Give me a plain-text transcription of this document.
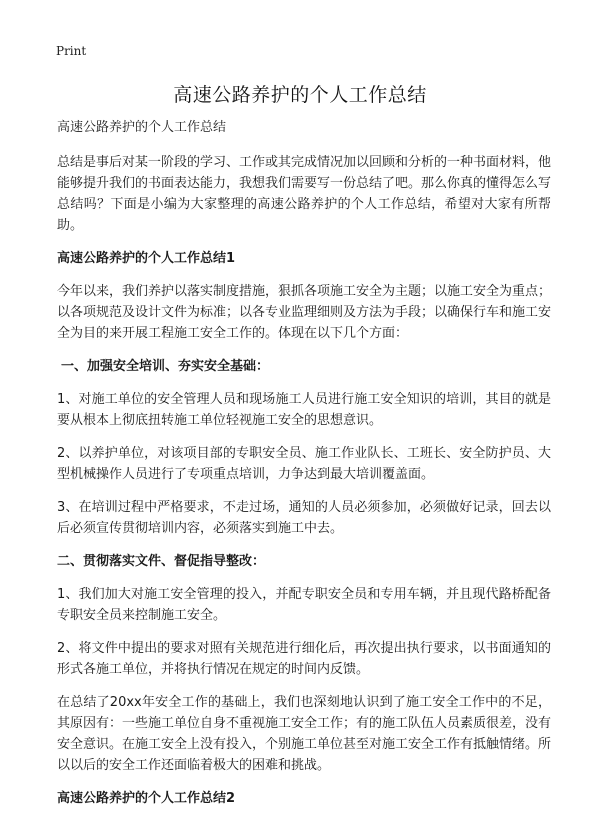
Print
高速公路养护的个人工作总结

高速公路养护的个人工作总结

总结是事后对某一阶段的学习、工作或其完成情况加以回顾和分析的一种书面材料，他能够提升我们的书面表达能力，我想我们需要写一份总结了吧。那么你真的懂得怎么写总结吗？下面是小编为大家整理的高速公路养护的个人工作总结，希望对大家有所帮助。

高速公路养护的个人工作总结1

今年以来，我们养护以落实制度措施，狠抓各项施工安全为主题；以施工安全为重点；以各项规范及设计文件为标准；以各专业监理细则及方法为手段；以确保行车和施工安全为目的来开展工程施工安全工作的。体现在以下几个方面：

一、加强安全培训、夯实安全基础：

1、对施工单位的安全管理人员和现场施工人员进行施工安全知识的培训，其目的就是要从根本上彻底扭转施工单位轻视施工安全的思想意识。

2、以养护单位，对该项目部的专职安全员、施工作业队长、工班长、安全防护员、大型机械操作人员进行了专项重点培训，力争达到最大培训覆盖面。

3、在培训过程中严格要求，不走过场，通知的人员必须参加，必须做好记录，回去以后必须宣传贯彻培训内容，必须落实到施工中去。

二、贯彻落实文件、督促指导整改：

1、我们加大对施工安全管理的投入，并配专职安全员和专用车辆，并且现代路桥配备专职安全员来控制施工安全。

2、将文件中提出的要求对照有关规范进行细化后，再次提出执行要求，以书面通知的形式各施工单位，并将执行情况在规定的时间内反馈。

在总结了20xx年安全工作的基础上，我们也深刻地认识到了施工安全工作中的不足，其原因有：一些施工单位自身不重视施工安全工作；有的施工队伍人员素质很差，没有安全意识。在施工安全上没有投入，个别施工单位甚至对施工安全工作有抵触情绪。所以以后的安全工作还面临着极大的困难和挑战。

高速公路养护的个人工作总结2
